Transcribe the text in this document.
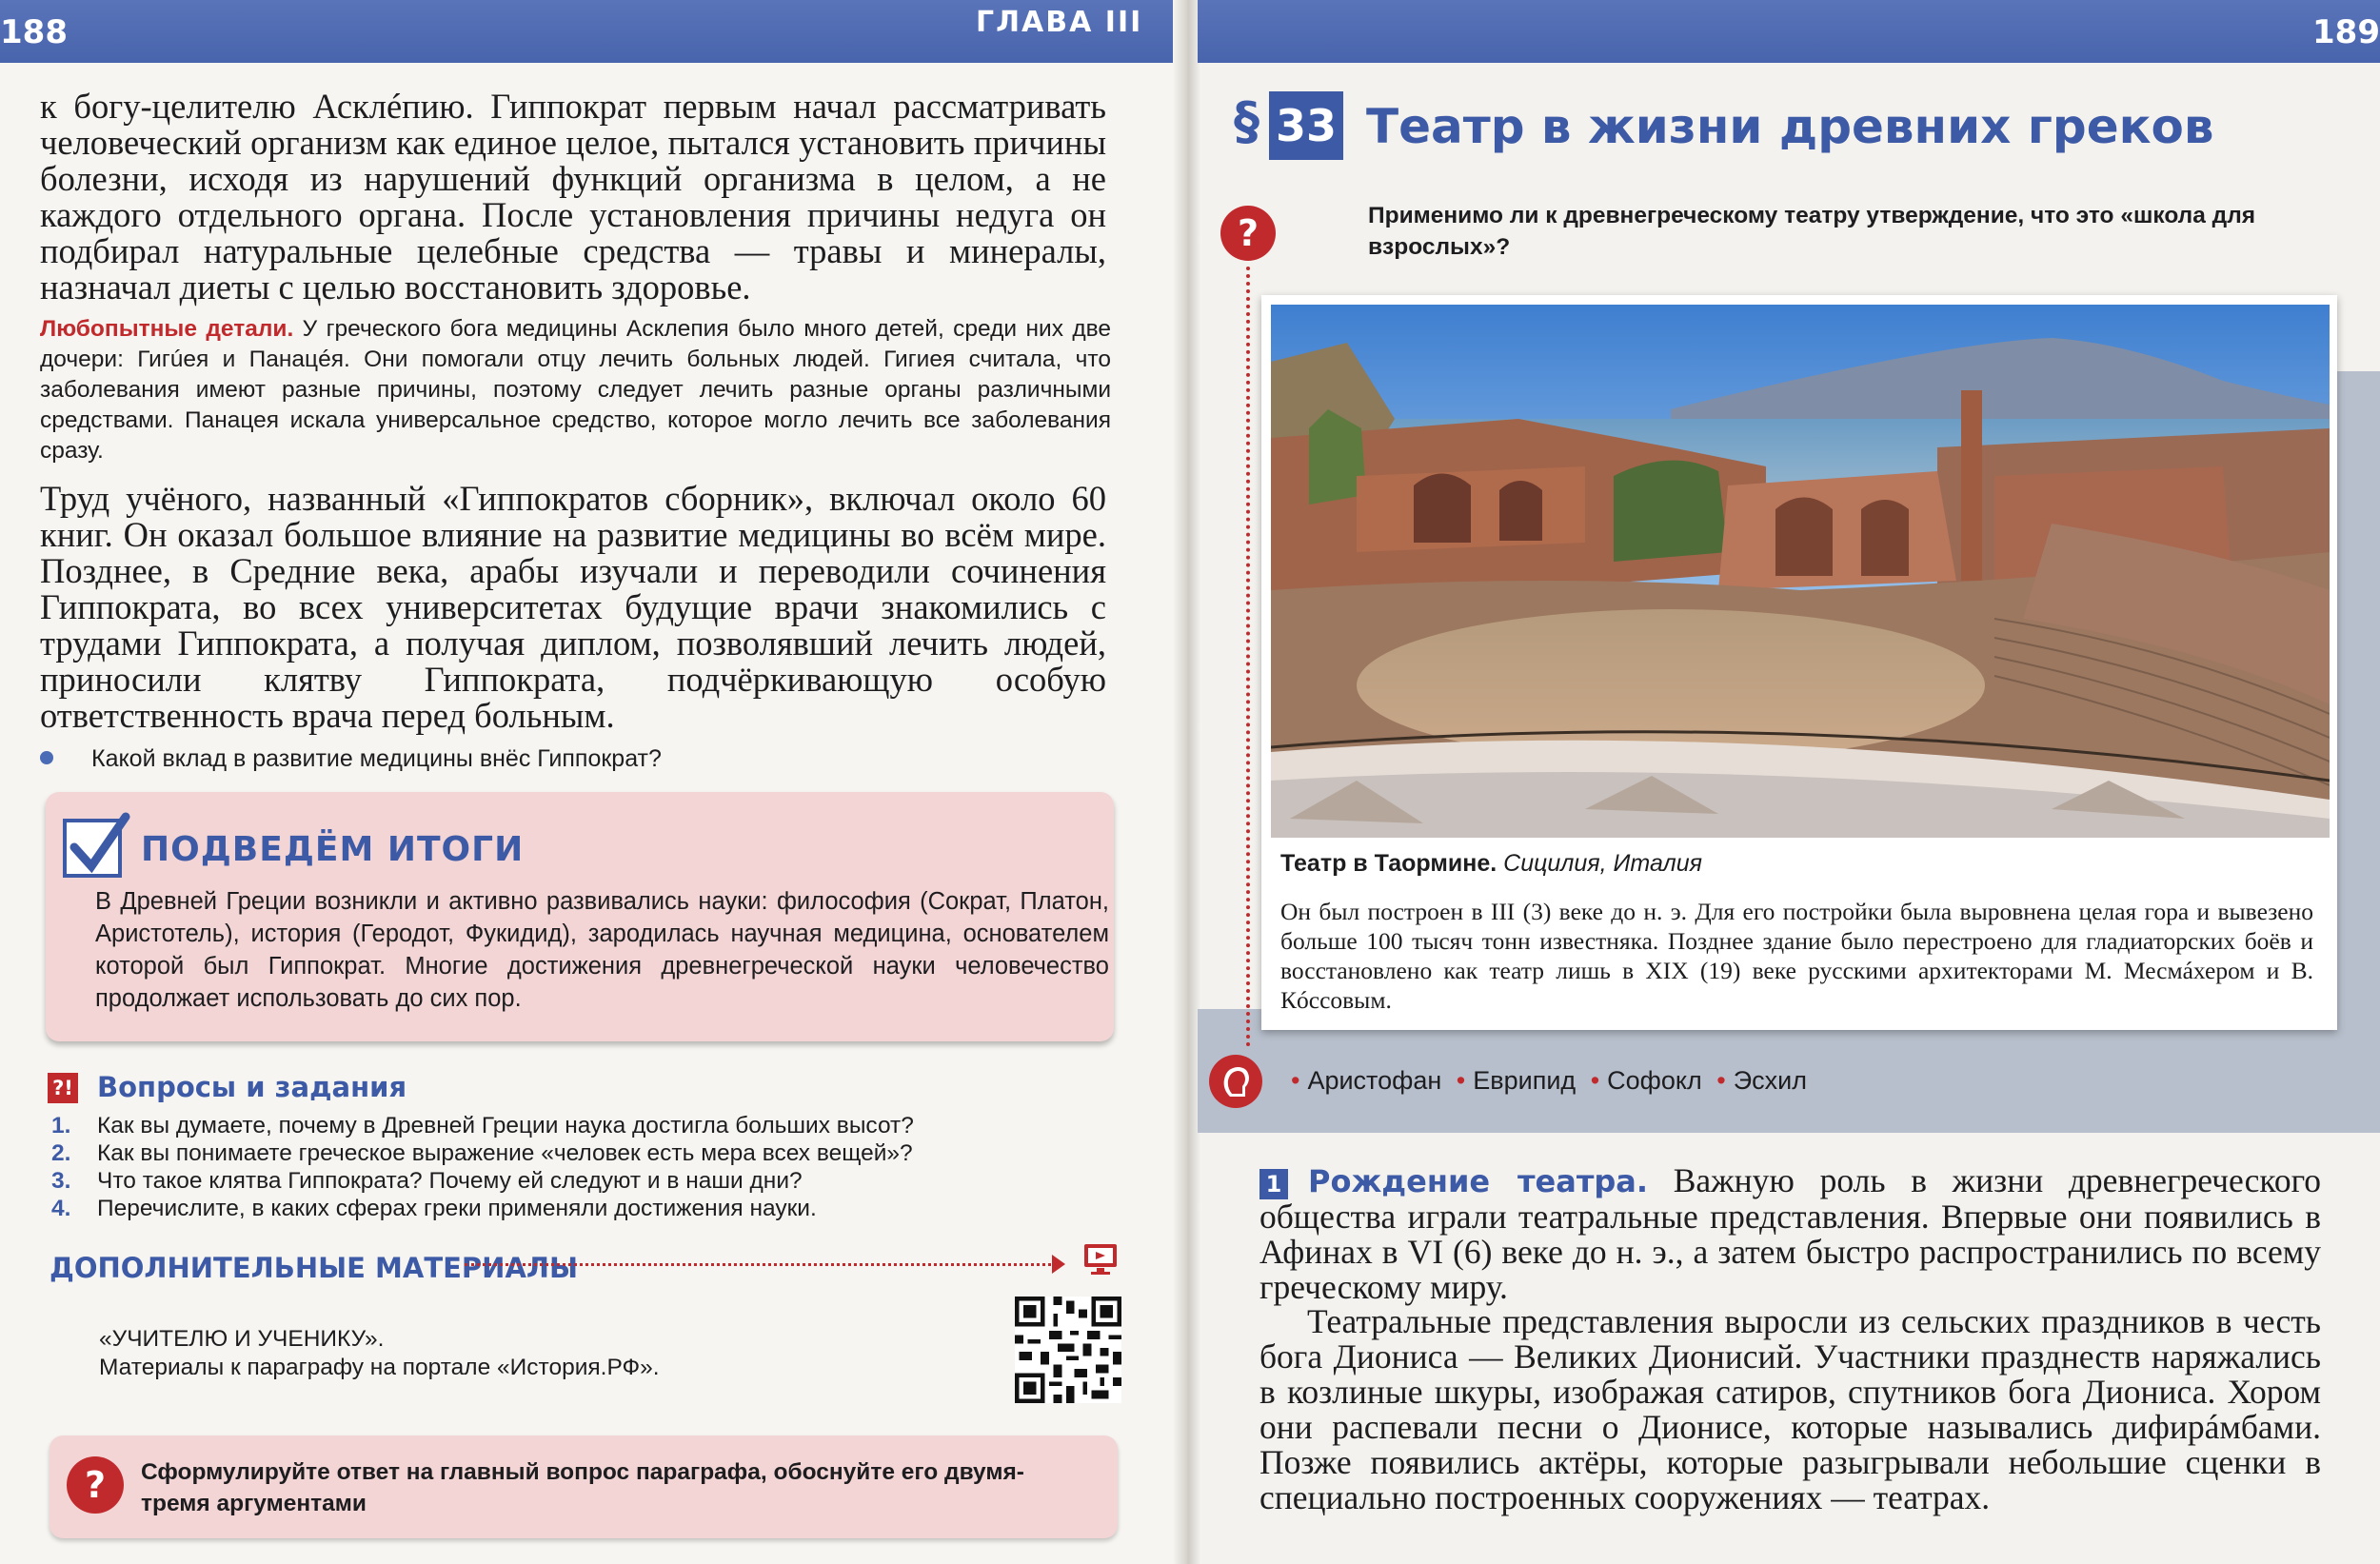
188	ГЛАВА III

к богу-целителю Асклéпию. Гиппократ первым начал рассматривать человеческий организм как единое целое, пытался установить причины болезни, исходя из нарушений функций организма в целом, а не каждого отдельного органа. После установления причины недуга он подбирал натуральные целебные средства — травы и минералы, назначал диеты с целью восстановить здоровье.

Любопытные детали. У греческого бога медицины Асклепия было много детей, среди них две дочери: Гигúея и Панацéя. Они помогали отцу лечить больных людей. Гигиея считала, что заболевания имеют разные причины, поэтому следует лечить разные органы различными средствами. Панацея искала универсальное средство, которое могло лечить все заболевания сразу.

Труд учёного, названный «Гиппократов сборник», включал около 60 книг. Он оказал большое влияние на развитие медицины во всём мире. Позднее, в Средние века, арабы изучали и переводили сочинения Гиппократа, во всех университетах будущие врачи знакомились с трудами Гиппократа, а получая диплом, позволявший лечить людей, приносили клятву Гиппократа, подчёркивающую особую ответственность врача перед больным.

Какой вклад в развитие медицины внёс Гиппократ?
ПОДВЕДЁМ ИТОГИ

В Древней Греции возникли и активно развивались науки: философия (Сократ, Платон, Аристотель), история (Геродот, Фукидид), зародилась научная медицина, основателем которой был Гиппократ. Многие достижения древнегреческой науки человечество продолжает использовать до сих пор.

?! Вопросы и задания
1. Как вы думаете, почему в Древней Греции наука достигла больших высот?
2. Как вы понимаете греческое выражение «человек есть мера всех вещей»?
3. Что такое клятва Гиппократа? Почему ей следуют и в наши дни?
4. Перечислите, в каких сферах греки применяли достижения науки.
ДОПОЛНИТЕЛЬНЫЕ МАТЕРИАЛЫ
«УЧИТЕЛЮ И УЧЕНИКУ».
Материалы к параграфу на портале «История.РФ».
?	Сформулируйте ответ на главный вопрос параграфа, обоснуйте его двумя-тремя аргументами

189
§ 33 Театр в жизни древних греков
?	Применимо ли к древнегреческому театру утверждение, что это «школа для взрослых»?

Театр в Таормине. Сицилия, Италия

Он был построен в III (3) веке до н. э. Для его постройки была выровнена целая гора и вывезено больше 100 тысяч тонн известняка. Позднее здание было перестроено для гладиаторских боёв и восстановлено как театр лишь в XIX (19) веке русскими архитекторами М. Месмáхером и В. Кóссовым.

• Аристофан • Еврипид • Софокл • Эсхил
1 Рождение театра. Важную роль в жизни древнегреческого общества играли театральные представления. Впервые они появились в Афинах в VI (6) веке до н. э., а затем быстро распространились по всему греческому миру.

Театральные представления выросли из сельских праздников в честь бога Диониса — Великих Дионисий. Участники празднеств наряжались в козлиные шкуры, изображая сатиров, спутников бога Диониса. Хором они распевали песни о Дионисе, которые назывались дифирáмбами. Позже появились актёры, которые разыгрывали небольшие сценки в специально построенных сооружениях — театрах.
